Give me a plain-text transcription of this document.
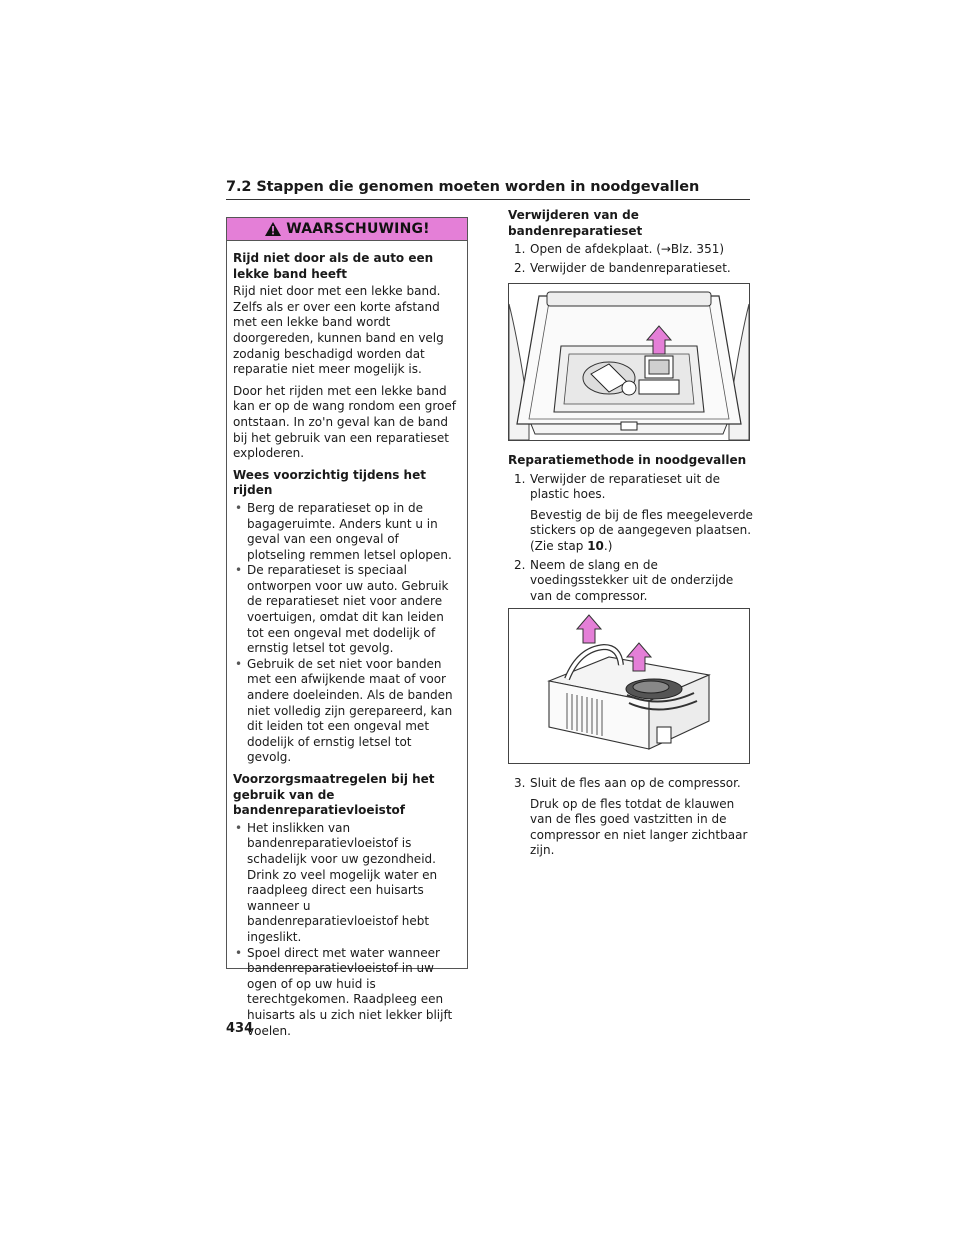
7.2 Stappen die genomen moeten worden in noodgevallen
WAARSCHUWING!
Rijd niet door als de auto een lekke band heeft

Rijd niet door met een lekke band. Zelfs als er over een korte afstand met een lekke band wordt doorgereden, kunnen band en velg zodanig beschadigd worden dat reparatie niet meer mogelijk is.

Door het rijden met een lekke band kan er op de wang rondom een groef ontstaan. In zo'n geval kan de band bij het gebruik van een reparatieset exploderen.

Wees voorzichtig tijdens het rijden
• Berg de reparatieset op in de bagageruimte. Anders kunt u in geval van een ongeval of plotseling remmen letsel oplopen.
• De reparatieset is speciaal ontworpen voor uw auto. Gebruik de reparatieset niet voor andere voertuigen, omdat dit kan leiden tot een ongeval met dodelijk of ernstig letsel tot gevolg.
• Gebruik de set niet voor banden met een afwijkende maat of voor andere doeleinden. Als de banden niet volledig zijn gerepareerd, kan dit leiden tot een ongeval met dodelijk of ernstig letsel tot gevolg.
Voorzorgsmaatregelen bij het gebruik van de bandenreparatievloeistof
• Het inslikken van bandenreparatievloeistof is schadelijk voor uw gezondheid. Drink zo veel mogelijk water en raadpleeg direct een huisarts wanneer u bandenreparatievloeistof hebt ingeslikt.
• Spoel direct met water wanneer bandenreparatievloeistof in uw ogen of op uw huid is terechtgekomen. Raadpleeg een huisarts als u zich niet lekker blijft voelen.
Verwijderen van de bandenreparatieset
1. Open de afdekplaat. (→Blz. 351)
2. Verwijder de bandenreparatieset.
Reparatiemethode in noodgevallen
1. Verwijder de reparatieset uit de plastic hoes.
Bevestig de bij de fles meegeleverde stickers op de aangegeven plaatsen. (Zie stap 10.)
2. Neem de slang en de voedingsstekker uit de onderzijde van de compressor.
3. Sluit de fles aan op de compressor.
Druk op de fles totdat de klauwen van de fles goed vastzitten in de compressor en niet langer zichtbaar zijn.
434
